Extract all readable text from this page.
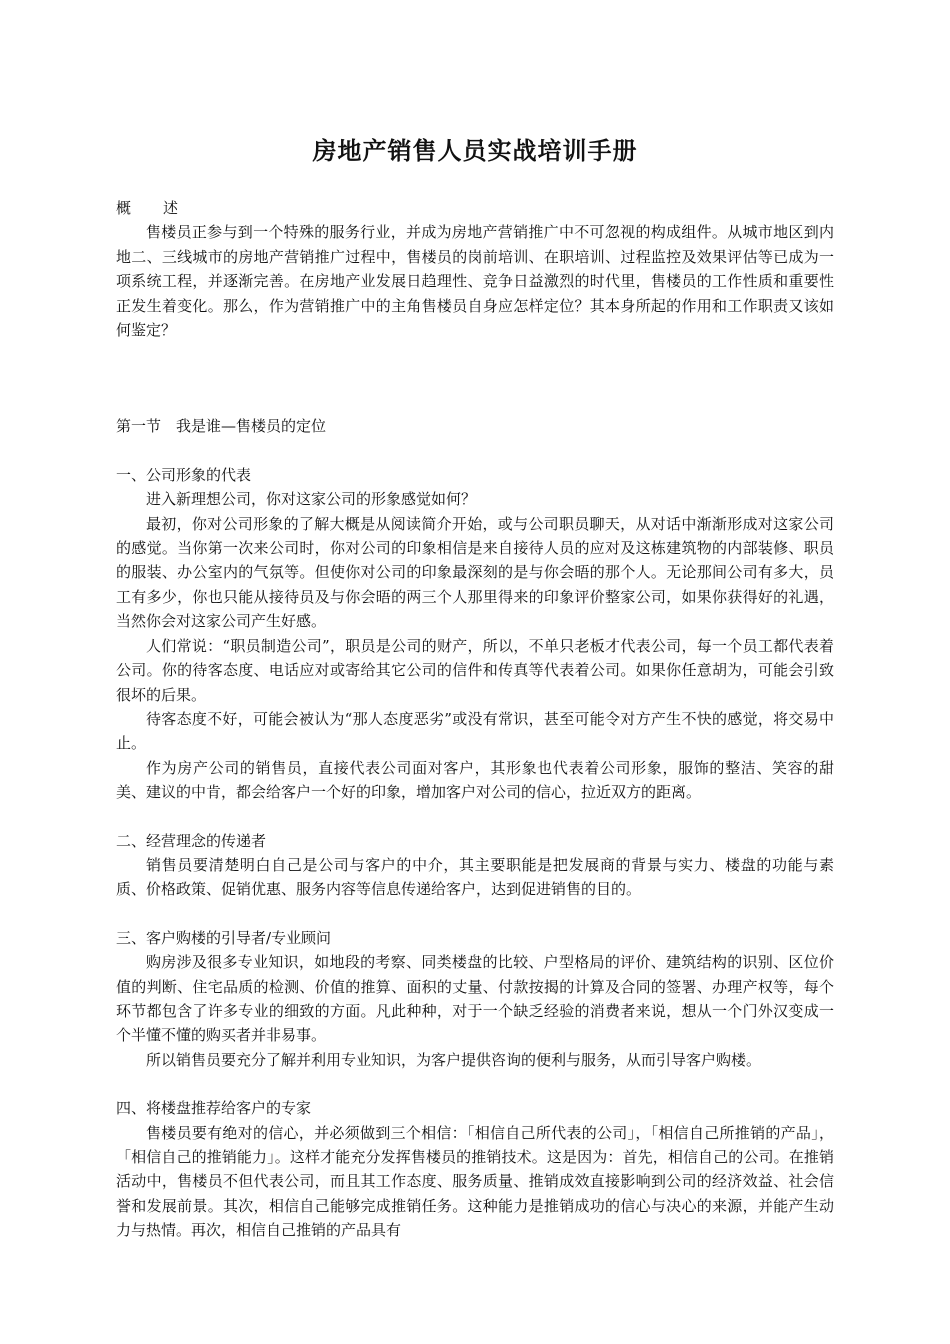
房地产销售人员实战培训手册

概 述

售楼员正参与到一个特殊的服务行业，并成为房地产营销推广中不可忽视的构成组件。从城市地区到内地二、三线城市的房地产营销推广过程中，售楼员的岗前培训、在职培训、过程监控及效果评估等已成为一项系统工程，并逐渐完善。在房地产业发展日趋理性、竞争日益激烈的时代里，售楼员的工作性质和重要性正发生着变化。那么，作为营销推广中的主角售楼员自身应怎样定位？其本身所起的作用和工作职责又该如何鉴定？

第一节　我是谁—售楼员的定位

一、公司形象的代表

进入新理想公司，你对这家公司的形象感觉如何？

最初，你对公司形象的了解大概是从阅读简介开始，或与公司职员聊天，从对话中渐渐形成对这家公司的感觉。当你第一次来公司时，你对公司的印象相信是来自接待人员的应对及这栋建筑物的内部装修、职员的服装、办公室内的气氛等。但使你对公司的印象最深刻的是与你会晤的那个人。无论那间公司有多大，员工有多少，你也只能从接待员及与你会晤的两三个人那里得来的印象评价整家公司，如果你获得好的礼遇，当然你会对这家公司产生好感。

人们常说：“职员制造公司”，职员是公司的财产，所以，不单只老板才代表公司，每一个员工都代表着公司。你的待客态度、电话应对或寄给其它公司的信件和传真等代表着公司。如果你任意胡为，可能会引致很坏的后果。

待客态度不好，可能会被认为“那人态度恶劣”或没有常识，甚至可能令对方产生不快的感觉，将交易中止。

作为房产公司的销售员，直接代表公司面对客户，其形象也代表着公司形象，服饰的整洁、笑容的甜美、建议的中肯，都会给客户一个好的印象，增加客户对公司的信心，拉近双方的距离。

二、经营理念的传递者

销售员要清楚明白自己是公司与客户的中介，其主要职能是把发展商的背景与实力、楼盘的功能与素质、价格政策、促销优惠、服务内容等信息传递给客户，达到促进销售的目的。

三、客户购楼的引导者/专业顾问

购房涉及很多专业知识，如地段的考察、同类楼盘的比较、户型格局的评价、建筑结构的识别、区位价值的判断、住宅品质的检测、价值的推算、面积的丈量、付款按揭的计算及合同的签署、办理产权等，每个环节都包含了许多专业的细致的方面。凡此种种，对于一个缺乏经验的消费者来说，想从一个门外汉变成一个半懂不懂的购买者并非易事。

所以销售员要充分了解并利用专业知识，为客户提供咨询的便利与服务，从而引导客户购楼。

四、将楼盘推荐给客户的专家

售楼员要有绝对的信心，并必须做到三个相信：「相信自己所代表的公司」，「相信自己所推销的产品」，「相信自己的推销能力」。这样才能充分发挥售楼员的推销技术。这是因为：首先，相信自己的公司。在推销活动中，售楼员不但代表公司，而且其工作态度、服务质量、推销成效直接影响到公司的经济效益、社会信誉和发展前景。其次，相信自己能够完成推销任务。这种能力是推销成功的信心与决心的来源，并能产生动力与热情。再次，相信自己推销的产品具有
